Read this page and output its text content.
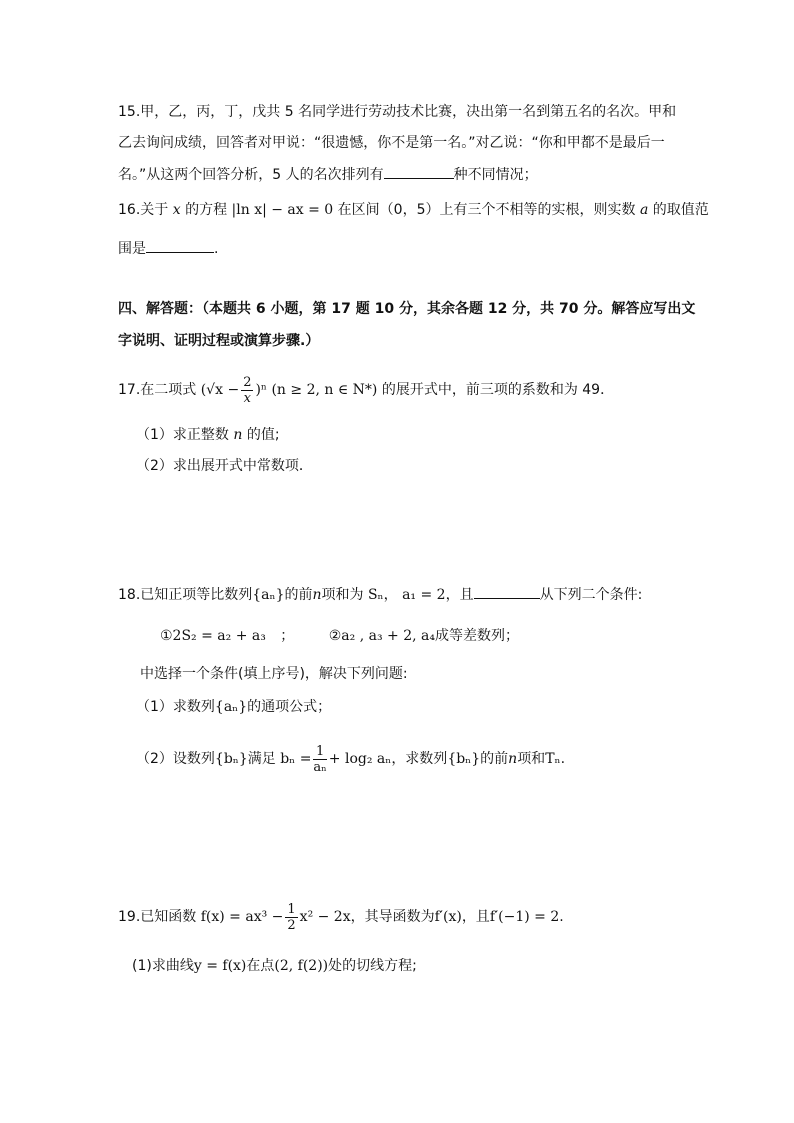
15.甲，乙，丙，丁，戊共 5 名同学进行劳动技术比赛，决出第一名到第五名的名次。甲和
乙去询问成绩，回答者对甲说：“很遗憾，你不是第一名。”对乙说：“你和甲都不是最后一
名。”从这两个回答分析，5 人的名次排列有	种不同情况；
16.关于 x 的方程 |ln x| − ax = 0 在区间（0，5）上有三个不相等的实根，则实数 a 的取值范
围是	.
四、解答题：（本题共 6 小题，第 17 题 10 分，其余各题 12 分，共 70 分。解答应写出文
字说明、证明过程或演算步骤.）
17.在二项式 $(√x - \frac{2}{x} )^n$ (n ≥ 2, n ∈ N*) 的展开式中，前三项的系数和为 49．
（1）求正整数 n 的值;
（2）求出展开式中常数项．
18.已知正项等比数列{aₙ}的前n项和为 Sₙ， a₁ = 2，且	从下列二个条件:
①2S₂ = a₂ + a₃ ； ②a₂ , a₃ + 2, a₄成等差数列；
中选择一个条件(填上序号)，解决下列问题:
（1）求数列{aₙ}的通项公式；
（2）设数列{bₙ}满足 $b_n = \frac{1}{\text{aₙ}} + \log_2$ aₙ，求数列{bₙ}的前n项和Tₙ.
19.已知函数 $f(x) = ax^3 - \frac{1}{2} x^2 - 2x$，其导函数为f′(x)，且f′(−1) = 2.
(1)求曲线y = f(x)在点(2, f(2))处的切线方程;
